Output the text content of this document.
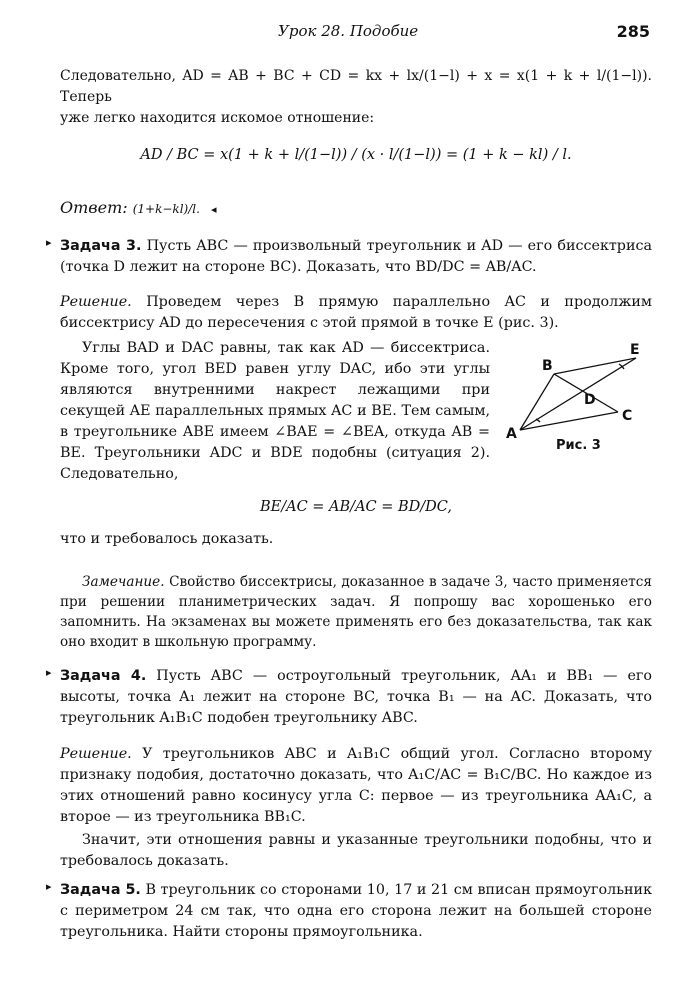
Урок 28. Подобие	285

Следовательно, AD = AB + BC + CD = kx + lx/(1−l) + x = x(1 + k + l/(1−l)). Теперь

уже легко находится искомое отношение:

AD / BC = x(1 + k + l/(1−l)) / (x · l/(1−l)) = (1 + k − kl) / l.

Ответ: (1+k−kl)/l. ◂
▸ Задача 3. Пусть ABC — произвольный треугольник и AD — его биссектриса (точка D лежит на стороне BC). Доказать, что BD/DC = AB/AC.

Решение. Проведем через B прямую параллельно AC и продолжим биссектрису AD до пересечения с этой прямой в точке E (рис. 3).

Углы BAD и DAC равны, так как AD — биссектриса. Кроме того, угол BED равен углу DAC, ибо эти углы являются внутренними накрест лежащими при секущей AE параллельных прямых AC и BE. Тем самым, в треугольнике ABE имеем ∠BAE = ∠BEA, откуда AB = BE. Треугольники ADC и BDE подобны (ситуация 2). Следовательно,

BE/AC = AB/AC = BD/DC,

что и требовалось доказать.

A
B
C
D
E
Рис. 3

Замечание. Свойство биссектрисы, доказанное в задаче 3, часто применяется при решении планиметрических задач. Я попрошу вас хорошенько его запомнить. На экзаменах вы можете применять его без доказательства, так как оно входит в школьную программу.

▸ Задача 4. Пусть ABC — остроугольный треугольник, AA₁ и BB₁ — его высоты, точка A₁ лежит на стороне BC, точка B₁ — на AC. Доказать, что треугольник A₁B₁C подобен треугольнику ABC.

Решение. У треугольников ABC и A₁B₁C общий угол. Согласно второму признаку подобия, достаточно доказать, что A₁C/AC = B₁C/BC. Но каждое из этих отношений равно косинусу угла C: первое — из треугольника AA₁C, а второе — из треугольника BB₁C.

Значит, эти отношения равны и указанные треугольники подобны, что и требовалось доказать.

▸ Задача 5. В треугольник со сторонами 10, 17 и 21 см вписан прямоугольник с периметром 24 см так, что одна его сторона лежит на большей стороне треугольника. Найти стороны прямоугольника.
